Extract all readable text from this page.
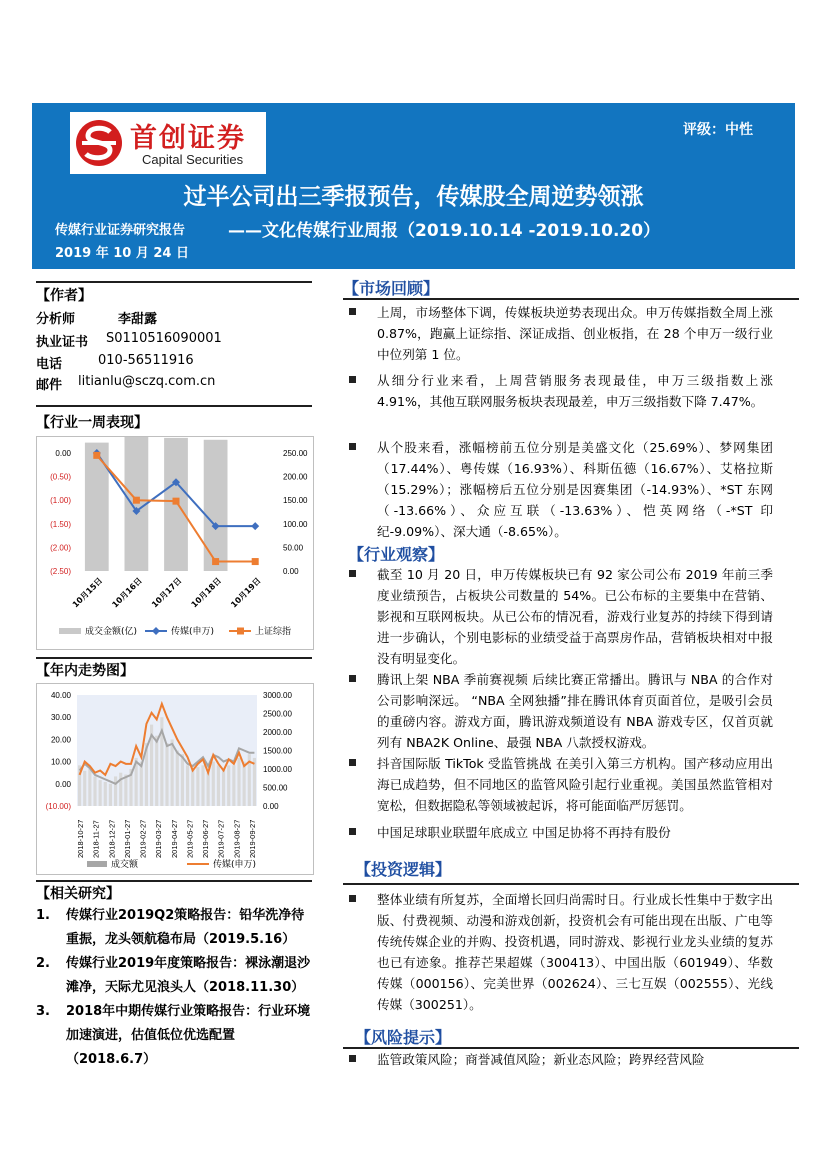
首创证券
Capital Securities
评级：中性
过半公司出三季报预告，传媒股全周逆势领涨
传媒行业证券研究报告	——文化传媒行业周报（2019.10.14 -2019.10.20）
2019 年 10 月 24 日
【作者】
分析师	李甜露
执业证书 S0110516090001
电话	010-56511916
邮件 litianlu@sczq.com.cn
【行业一周表现】
0.00
(0.50)
(1.00)
(1.50)
(2.00)
(2.50)
250.00
200.00
150.00
100.00
50.00
0.00
10月15日 10月16日 10月17日 10月18日 10月19日
成交金额(亿)	传媒(申万)	上证综指
【年内走势图】
40.00
30.00
20.00
10.00
0.00
(10.00)
3000.00
2500.00
2000.00
1500.00
1000.00
500.00
0.00
2018-10-27 2018-11-27 2018-12-27 2019-01-27 2019-02-27 2019-03-27 2019-04-27 2019-05-27 2019-06-27 2019-07-27 2019-08-27 2019-09-27
成交额	传媒(申万)
【相关研究】
1. 传媒行业2019Q2策略报告：铅华洗净待重振，龙头领航稳布局（2019.5.16）
2. 传媒行业2019年度策略报告：裸泳潮退沙滩净，天际尤见浪头人（2018.11.30）
3. 2018年中期传媒行业策略报告：行业环境加速演进，估值低位优选配置（2018.6.7）
【市场回顾】
上周，市场整体下调，传媒板块逆势表现出众。申万传媒指数全周上涨 0.87%，跑赢上证综指、深证成指、创业板指，在 28 个申万一级行业中位列第 1 位。
从细分行业来看，上周营销服务表现最佳，申万三级指数上涨 4.91%，其他互联网服务板块表现最差，申万三级指数下降 7.47%。
从个股来看，涨幅榜前五位分别是美盛文化（25.69%）、梦网集团（17.44%）、粤传媒（16.93%）、科斯伍德（16.67%）、艾格拉斯（15.29%）；涨幅榜后五位分别是因赛集团（-14.93%）、*ST 东网（-13.66%）、众应互联（-13.63%）、恺英网络（-*ST 印纪-9.09%）、深大通（-8.65%）。
【行业观察】
截至 10 月 20 日，申万传媒板块已有 92 家公司公布 2019 年前三季度业绩预告，占板块公司数量的 54%。已公布标的主要集中在营销、影视和互联网板块。从已公布的情况看，游戏行业复苏的持续下得到请进一步确认，个别电影标的业绩受益于高票房作品，营销板块相对中报没有明显变化。
腾讯上架 NBA 季前赛视频 后续比赛正常播出。腾讯与 NBA 的合作对公司影响深远。 “NBA 全网独播”排在腾讯体育页面首位，是吸引会员的重磅内容。游戏方面，腾讯游戏频道设有 NBA 游戏专区，仅首页就列有 NBA2K Online、最强 NBA 八款授权游戏。
抖音国际版 TikTok 受监管挑战 在美引入第三方机构。国产移动应用出海已成趋势，但不同地区的监管风险引起行业重视。美国虽然监管相对宽松，但数据隐私等领域被起诉，将可能面临严厉惩罚。
中国足球职业联盟年底成立 中国足协将不再持有股份
【投资逻辑】
整体业绩有所复苏，全面增长回归尚需时日。行业成长性集中于数字出版、付费视频、动漫和游戏创新，投资机会有可能出现在出版、广电等传统传媒企业的并购、投资机遇，同时游戏、影视行业龙头业绩的复苏也已有迹象。推荐芒果超媒（300413）、中国出版（601949）、华数传媒（000156）、完美世界（002624）、三七互娱（002555）、光线传媒（300251）。
【风险提示】
监管政策风险；商誉减值风险；新业态风险；跨界经营风险
